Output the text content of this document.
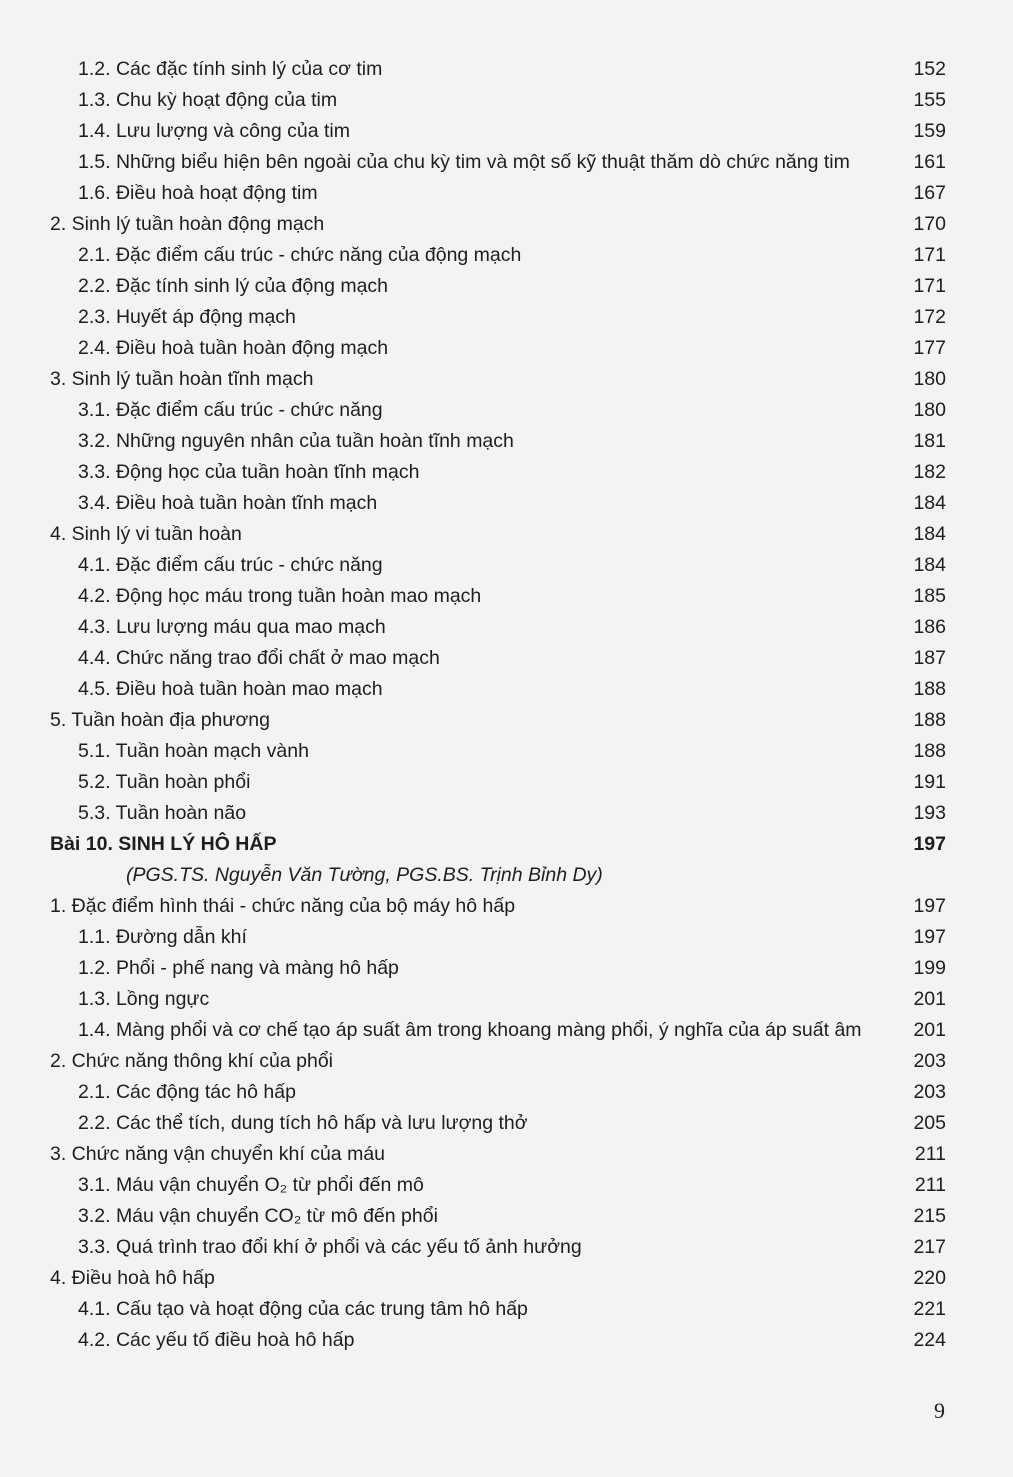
1.2. Các đặc tính sinh lý của cơ tim	152
1.3. Chu kỳ hoạt động của tim	155
1.4. Lưu lượng và công của tim	159
1.5. Những biểu hiện bên ngoài của chu kỳ tim và một số kỹ thuật thăm dò chức năng tim	161
1.6. Điều hoà hoạt động tim	167
2. Sinh lý tuần hoàn động mạch	170
2.1. Đặc điểm cấu trúc - chức năng của động mạch	171
2.2. Đặc tính sinh lý của động mạch	171
2.3. Huyết áp động mạch	172
2.4. Điều hoà tuần hoàn động mạch	177
3. Sinh lý tuần hoàn tĩnh mạch	180
3.1. Đặc điểm cấu trúc - chức năng	180
3.2. Những nguyên nhân của tuần hoàn tĩnh mạch	181
3.3. Động học của tuần hoàn tĩnh mạch	182
3.4. Điều hoà tuần hoàn tĩnh mạch	184
4. Sinh lý vi tuần hoàn	184
4.1. Đặc điểm cấu trúc - chức năng	184
4.2. Động học máu trong tuần hoàn mao mạch	185
4.3. Lưu lượng máu qua mao mạch	186
4.4. Chức năng trao đổi chất ở mao mạch	187
4.5. Điều hoà tuần hoàn mao mạch	188
5. Tuần hoàn địa phương	188
5.1. Tuần hoàn mạch vành	188
5.2. Tuần hoàn phổi	191
5.3. Tuần hoàn não	193
Bài 10. SINH LÝ HÔ HẤP	197
(PGS.TS. Nguyễn Văn Tường, PGS.BS. Trịnh Bỉnh Dy)
1. Đặc điểm hình thái - chức năng của bộ máy hô hấp	197
1.1. Đường dẫn khí	197
1.2. Phổi - phế nang và màng hô hấp	199
1.3. Lồng ngực	201
1.4. Màng phổi và cơ chế tạo áp suất âm trong khoang màng phổi, ý nghĩa của áp suất âm	201
2. Chức năng thông khí của phổi	203
2.1. Các động tác hô hấp	203
2.2. Các thể tích, dung tích hô hấp và lưu lượng thở	205
3. Chức năng vận chuyển khí của máu	211
3.1. Máu vận chuyển O₂ từ phổi đến mô	211
3.2. Máu vận chuyển CO₂ từ mô đến phổi	215
3.3. Quá trình trao đổi khí ở phổi và các yếu tố ảnh hưởng	217
4. Điều hoà hô hấp	220
4.1. Cấu tạo và hoạt động của các trung tâm hô hấp	221
4.2. Các yếu tố điều hoà hô hấp	224
9
